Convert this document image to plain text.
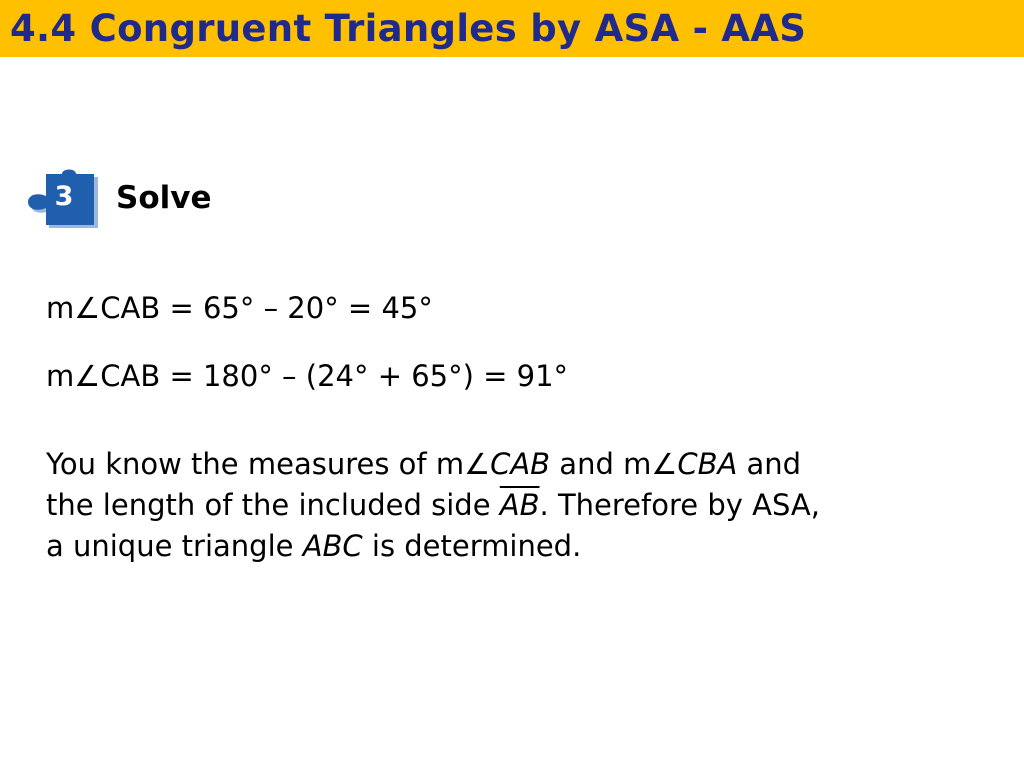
4.4 Congruent Triangles by ASA - AAS
3 Solve
m∠CAB = 65° – 20° = 45°
m∠CAB = 180° – (24° + 65°) = 91°
You know the measures of m∠CAB and m∠CBA and
the length of the included side $\overline{AB}$. Therefore by ASA,
a unique triangle ABC is determined.
